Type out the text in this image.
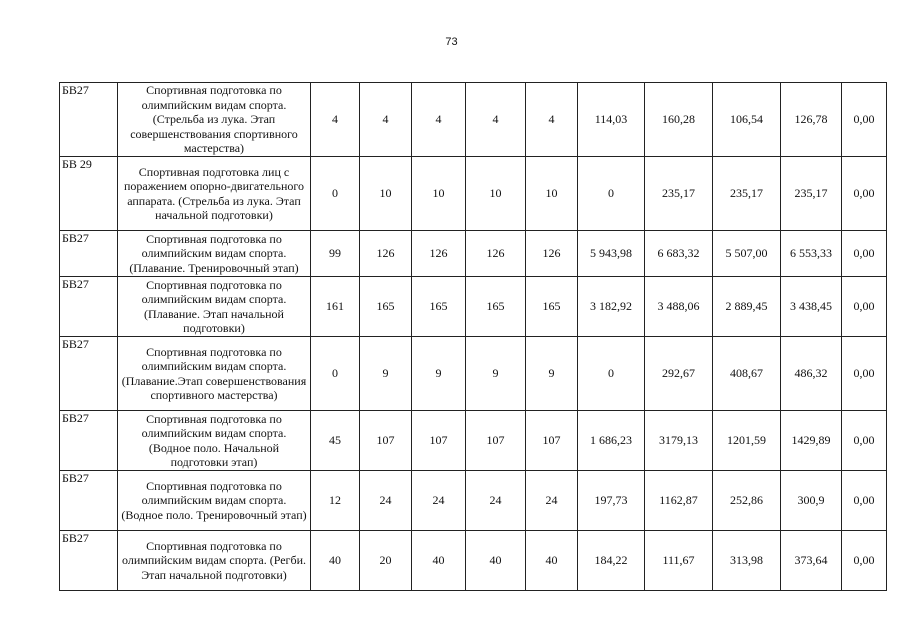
73
БВ27	Спортивная подготовка по олимпийским видам спорта. (Стрельба из лука. Этап совершенствования спортивного мастерства)	4	4	4	4	4	114,03	160,28	106,54	126,78	0,00
БВ 29	Спортивная подготовка лиц с поражением опорно-двигательного аппарата. (Стрельба из лука. Этап начальной подготовки)	0	10	10	10	10	0	235,17	235,17	235,17	0,00
БВ27	Спортивная подготовка по олимпийским видам спорта. (Плавание. Тренировочный этап)	99	126	126	126	126	5 943,98	6 683,32	5 507,00	6 553,33	0,00
БВ27	Спортивная подготовка по олимпийским видам спорта. (Плавание. Этап начальной подготовки)	161	165	165	165	165	3 182,92	3 488,06	2 889,45	3 438,45	0,00
БВ27	Спортивная подготовка по олимпийским видам спорта. (Плавание.Этап совершенствования спортивного мастерства)	0	9	9	9	9	0	292,67	408,67	486,32	0,00
БВ27	Спортивная подготовка по олимпийским видам спорта. (Водное поло. Начальной подготовки этап)	45	107	107	107	107	1 686,23	3179,13	1201,59	1429,89	0,00
БВ27	Спортивная подготовка по олимпийским видам спорта. (Водное поло. Тренировочный этап)	12	24	24	24	24	197,73	1162,87	252,86	300,9	0,00
БВ27	Спортивная подготовка по олимпийским видам спорта. (Регби. Этап начальной подготовки)	40	20	40	40	40	184,22	111,67	313,98	373,64	0,00
